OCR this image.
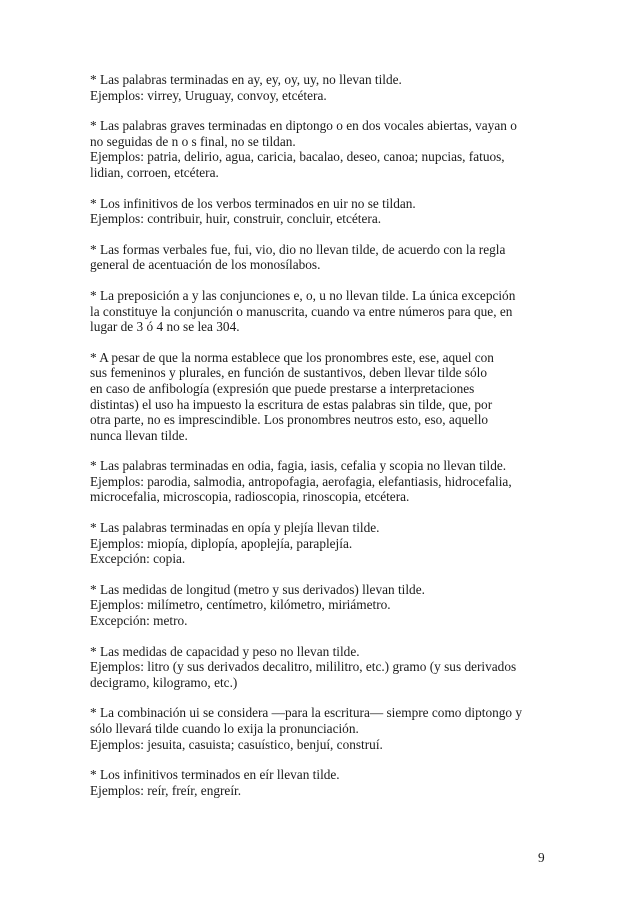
* Las palabras terminadas en ay, ey, oy, uy, no llevan tilde.
Ejemplos: virrey, Uruguay, convoy, etcétera.

* Las palabras graves terminadas en diptongo o en dos vocales abiertas, vayan o
no seguidas de n o s final, no se tildan.
Ejemplos: patria, delirio, agua, caricia, bacalao, deseo, canoa; nupcias, fatuos,
lidian, corroen, etcétera.

* Los infinitivos de los verbos terminados en uir no se tildan.
Ejemplos: contribuir, huir, construir, concluir, etcétera.

* Las formas verbales fue, fui, vio, dio no llevan tilde, de acuerdo con la regla
general de acentuación de los monosílabos.

* La preposición a y las conjunciones e, o, u no llevan tilde. La única excepción
la constituye la conjunción o manuscrita, cuando va entre números para que, en
lugar de 3 ó 4 no se lea 304.

* A pesar de que la norma establece que los pronombres este, ese, aquel con
sus femeninos y plurales, en función de sustantivos, deben llevar tilde sólo
en caso de anfibología (expresión que puede prestarse a interpretaciones
distintas) el uso ha impuesto la escritura de estas palabras sin tilde, que, por
otra parte, no es imprescindible. Los pronombres neutros esto, eso, aquello
nunca llevan tilde.

* Las palabras terminadas en odia, fagia, iasis, cefalia y scopia no llevan tilde.
Ejemplos: parodia, salmodia, antropofagia, aerofagia, elefantiasis, hidrocefalia,
microcefalia, microscopia, radioscopia, rinoscopia, etcétera.

* Las palabras terminadas en opía y plejía llevan tilde.
Ejemplos: miopía, diplopía, apoplejía, paraplejía.
Excepción: copia.

* Las medidas de longitud (metro y sus derivados) llevan tilde.
Ejemplos: milímetro, centímetro, kilómetro, miriámetro.
Excepción: metro.

* Las medidas de capacidad y peso no llevan tilde.
Ejemplos: litro (y sus derivados decalitro, mililitro, etc.) gramo (y sus derivados
decigramo, kilogramo, etc.)

* La combinación ui se considera —para la escritura— siempre como diptongo y
sólo llevará tilde cuando lo exija la pronunciación.
Ejemplos: jesuita, casuista; casuístico, benjuí, construí.

* Los infinitivos terminados en eír llevan tilde.
Ejemplos: reír, freír, engreír.

9
